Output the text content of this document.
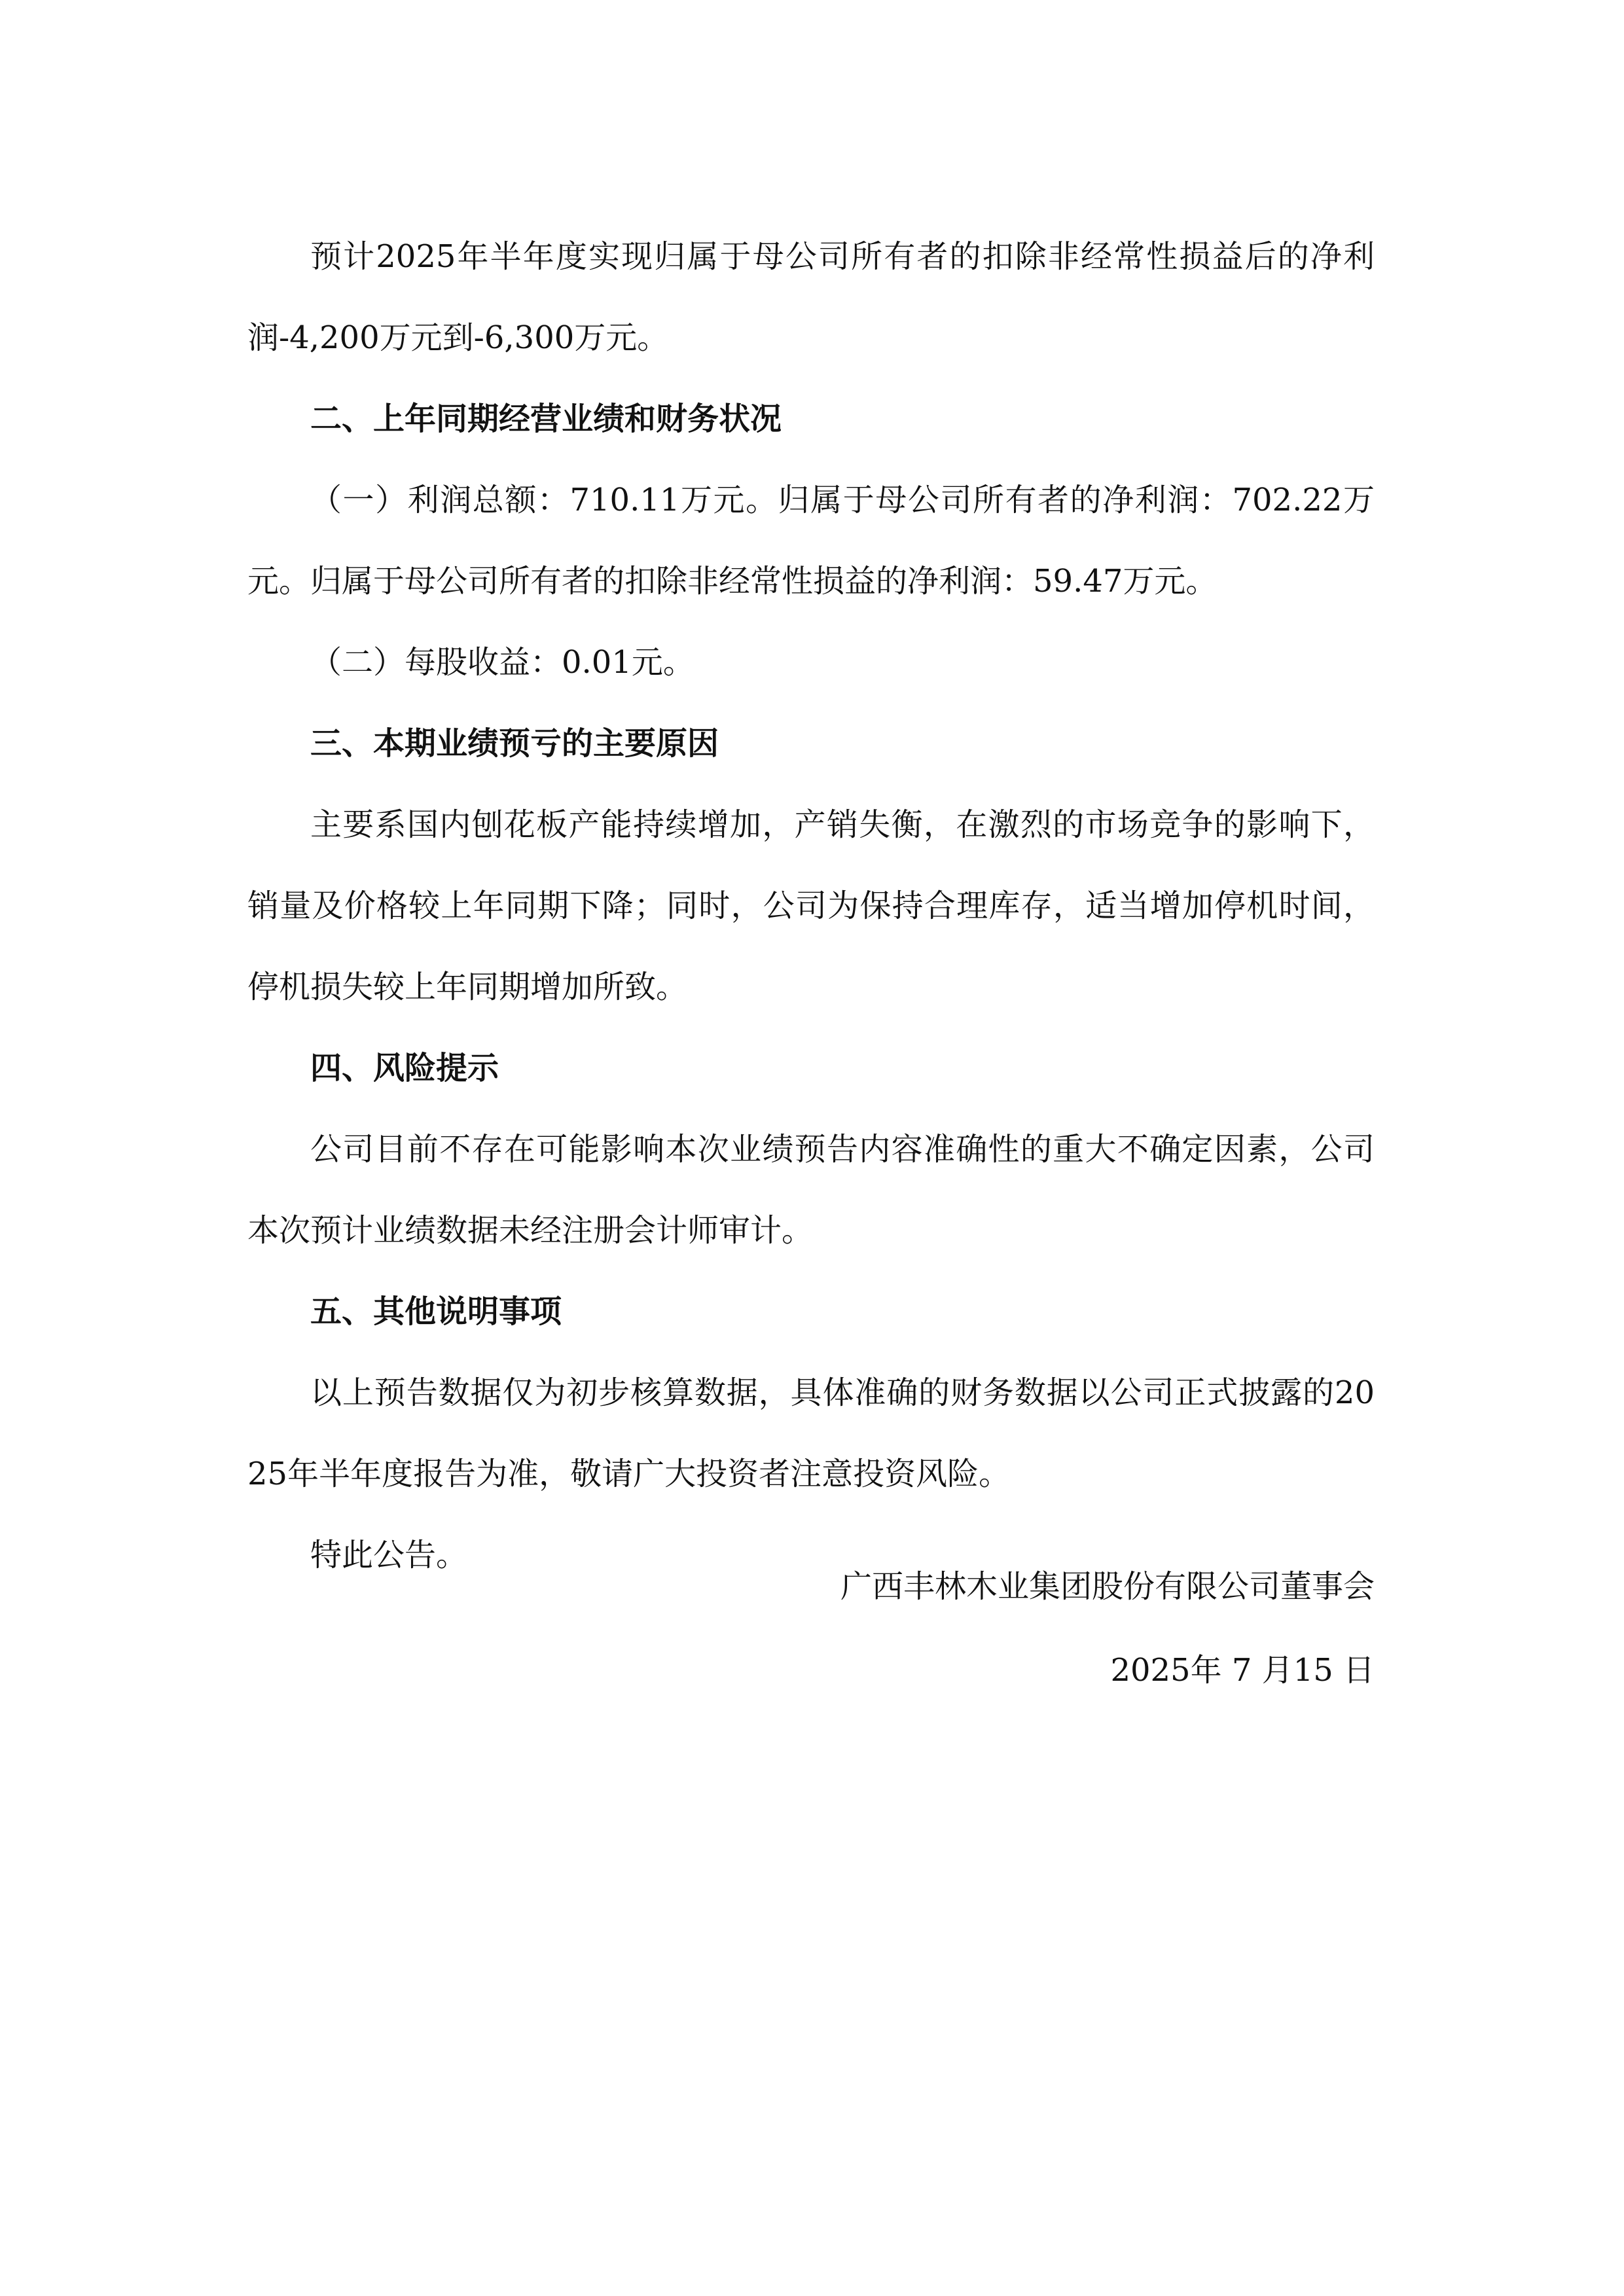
预计2025年半年度实现归属于母公司所有者的扣除非经常性损益后的净利润-4,200万元到-6,300万元。

二、上年同期经营业绩和财务状况

（一）利润总额：710.11万元。归属于母公司所有者的净利润：702.22万元。归属于母公司所有者的扣除非经常性损益的净利润：59.47万元。

（二）每股收益：0.01元。

三、本期业绩预亏的主要原因

主要系国内刨花板产能持续增加，产销失衡，在激烈的市场竞争的影响下，销量及价格较上年同期下降；同时，公司为保持合理库存，适当增加停机时间，停机损失较上年同期增加所致。

四、风险提示

公司目前不存在可能影响本次业绩预告内容准确性的重大不确定因素，公司本次预计业绩数据未经注册会计师审计。

五、其他说明事项

以上预告数据仅为初步核算数据，具体准确的财务数据以公司正式披露的2025年半年度报告为准，敬请广大投资者注意投资风险。

特此公告。

广西丰林木业集团股份有限公司董事会
2025年 7 月15 日
